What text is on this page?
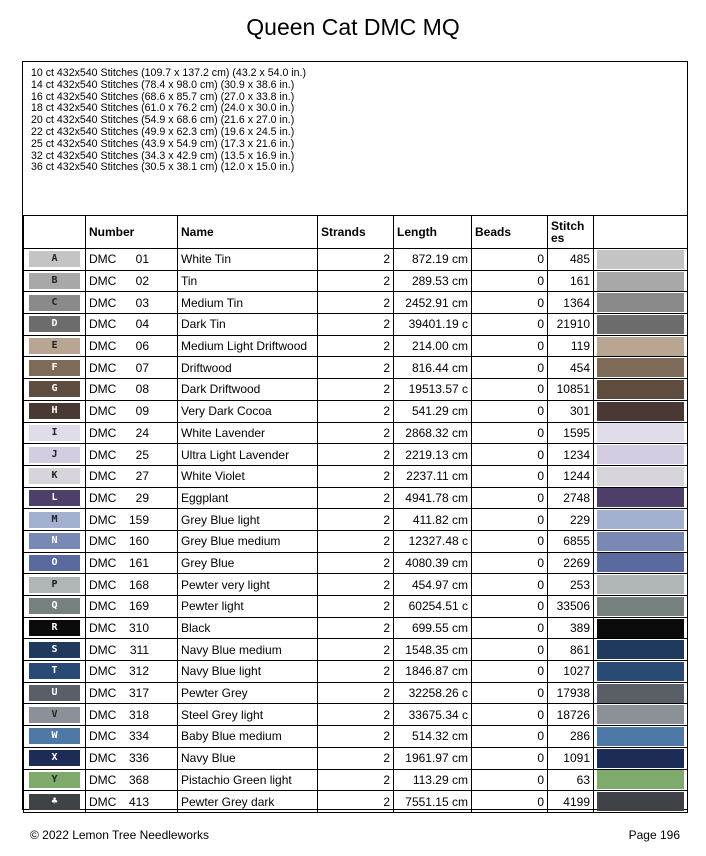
Queen Cat DMC MQ
10 ct 432x540 Stitches (109.7 x 137.2 cm) (43.2 x 54.0 in.)
14 ct 432x540 Stitches (78.4 x 98.0 cm) (30.9 x 38.6 in.)
16 ct 432x540 Stitches (68.6 x 85.7 cm) (27.0 x 33.8 in.)
18 ct 432x540 Stitches (61.0 x 76.2 cm) (24.0 x 30.0 in.)
20 ct 432x540 Stitches (54.9 x 68.6 cm) (21.6 x 27.0 in.)
22 ct 432x540 Stitches (49.9 x 62.3 cm) (19.6 x 24.5 in.)
25 ct 432x540 Stitches (43.9 x 54.9 cm) (17.3 x 21.6 in.)
32 ct 432x540 Stitches (34.3 x 42.9 cm) (13.5 x 16.9 in.)
36 ct 432x540 Stitches (30.5 x 38.1 cm) (12.0 x 15.0 in.)
	Number	Name	Strands	Length	Beads	Stitch es	

A	DMC 01	White Tin	2	872.19 cm	0	485	

B	DMC 02	Tin	2	289.53 cm	0	161	

C	DMC 03	Medium Tin	2	2452.91 cm	0	1364	

D	DMC 04	Dark Tin	2	39401.19 c	0	21910	

E	DMC 06	Medium Light Driftwood	2	214.00 cm	0	119	

F	DMC 07	Driftwood	2	816.44 cm	0	454	

G	DMC 08	Dark Driftwood	2	19513.57 c	0	10851	

H	DMC 09	Very Dark Cocoa	2	541.29 cm	0	301	

I	DMC 24	White Lavender	2	2868.32 cm	0	1595	

J	DMC 25	Ultra Light Lavender	2	2219.13 cm	0	1234	

K	DMC 27	White Violet	2	2237.11 cm	0	1244	

L	DMC 29	Eggplant	2	4941.78 cm	0	2748	

M	DMC 159	Grey Blue light	2	411.82 cm	0	229	

N	DMC 160	Grey Blue medium	2	12327.48 c	0	6855	

O	DMC 161	Grey Blue	2	4080.39 cm	0	2269	

P	DMC 168	Pewter very light	2	454.97 cm	0	253	

Q	DMC 169	Pewter light	2	60254.51 c	0	33506	

R	DMC 310	Black	2	699.55 cm	0	389	

S	DMC 311	Navy Blue medium	2	1548.35 cm	0	861	

T	DMC 312	Navy Blue light	2	1846.87 cm	0	1027	

U	DMC 317	Pewter Grey	2	32258.26 c	0	17938	

V	DMC 318	Steel Grey light	2	33675.34 c	0	18726	

W	DMC 334	Baby Blue medium	2	514.32 cm	0	286	

X	DMC 336	Navy Blue	2	1961.97 cm	0	1091	

Y	DMC 368	Pistachio Green light	2	113.29 cm	0	63	

♣	DMC 413	Pewter Grey dark	2	7551.15 cm	0	4199	
© 2022 Lemon Tree Needleworks	Page 196
